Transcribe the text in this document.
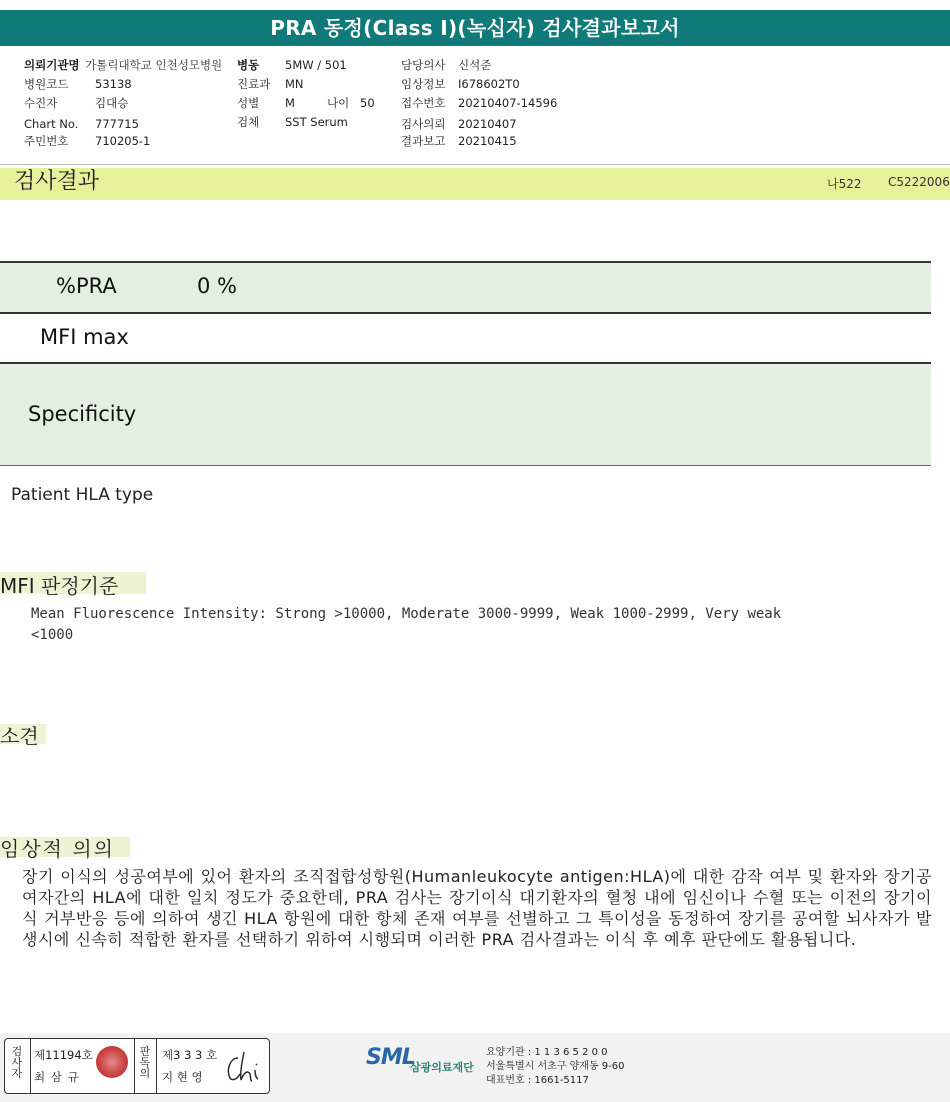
PRA 동정(Class I)(녹십자) 검사결과보고서
의뢰기관명 가톨릭대학교 인천성모병원 병동 5MW / 501	담당의사 신석준
병원코드 53138	진료과 MN	임상정보 I678602T0
수진자	김대승	성별 M	나이 50 접수번호 20210407-14596
Chart No. 777715	검체 SST Serum	검사의뢰 20210407
주민번호 710205-1	결과보고 20210415
검사결과	나522 C5222006
%PRA	0 %
MFI max
Specificity
Patient HLA type
MFI 판정기준
Mean Fluorescence Intensity: Strong >10000, Moderate 3000-9999, Weak 1000-2999, Very weak
<1000
소견
임상적 의의
장기 이식의 성공여부에 있어 환자의 조직접합성항원(Humanleukocyte antigen:HLA)에 대한 감작 여부 및 환자와 장기공여자간의 HLA에 대한 일치 정도가 중요한데, PRA 검사는 장기이식 대기환자의 혈청 내에 임신이나 수혈 또는 이전의 장기이식 거부반응 등에 의하여 생긴 HLA 항원에 대한 항체 존재 여부를 선별하고 그 특이성을 동정하여 장기를 공여할 뇌사자가 발생시에 신속히 적합한 환자를 선택하기 위하여 시행되며 이러한 PRA 검사결과는 이식 후 예후 판단에도 활용됩니다.
검사자
제11194호
최 삼 규
판독의
제3 3 3 호
지 현 영
SML
삼광의료재단
요양기관 : 1 1 3 6 5 2 0 0
서울특별시 서초구 양재동 9-60
대표번호 : 1661-5117
